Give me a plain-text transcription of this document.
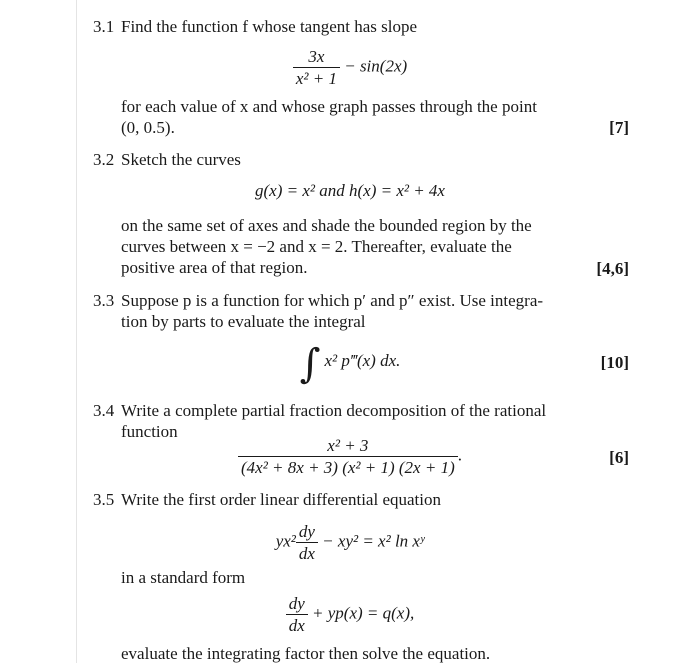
3.1 Find the function f whose tangent has slope
$\frac{3x}{\text{x² + 1}} - \sin(2x)$
for each value of x and whose graph passes through the point
(0, 0.5).	[7]
3.2 Sketch the curves
g(x) = x² and h(x) = x² + 4x
on the same set of axes and shade the bounded region by the
curves between x = −2 and x = 2. Thereafter, evaluate the
positive area of that region.	[4,6]
3.3 Suppose p is a function for which p′ and p″ exist. Use integra-
tion by parts to evaluate the integral
∫ x² p‴(x) dx.	[10]
3.4 Write a complete partial fraction decomposition of the rational
function
$\frac{\text{x² + 3}}{\text{(4x² + 8x + 3) (x² + 1) (2x + 1)}}$ .	[6]
3.5 Write the first order linear differential equation
$yx^2 \frac{dy}{dx} - xy^2 = x^2$ ln xʸ
in a standard form
$\frac{dy}{dx} + yp(x) = q(x)$,
evaluate the integrating factor then solve the equation.
